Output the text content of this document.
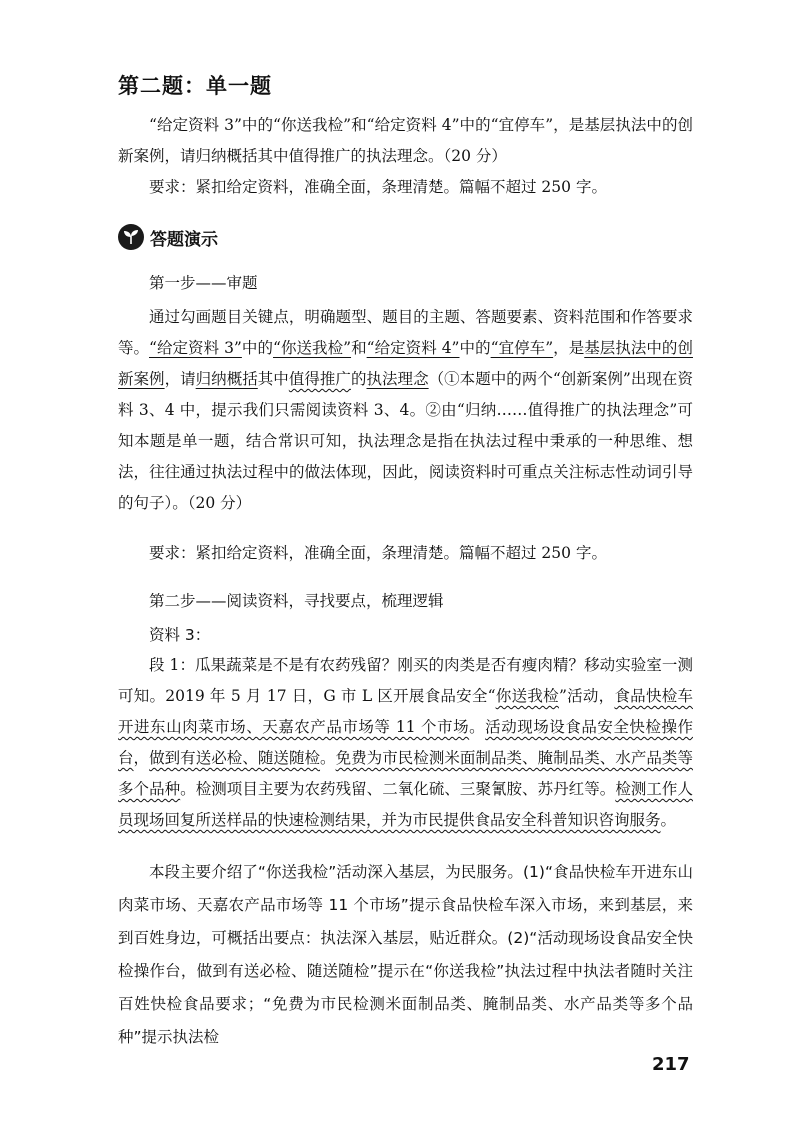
第二题：单一题

“给定资料 3”中的“你送我检”和“给定资料 4”中的“宜停车”，是基层执法中的创新案例，请归纳概括其中值得推广的执法理念。（20 分）

要求：紧扣给定资料，准确全面，条理清楚。篇幅不超过 250 字。

答题演示

第一步——审题

通过勾画题目关键点，明确题型、题目的主题、答题要素、资料范围和作答要求等。 “给定资料 3”中的“你送我检”和“给定资料 4”中的“宜停车”，是基层执法中的创新案例，请归纳概括其中值得推广的执法理念（①本题中的两个“创新案例”出现在资料 3、4 中，提示我们只需阅读资料 3、4。②由“归纳……值得推广的执法理念”可知本题是单一题，结合常识可知，执法理念是指在执法过程中秉承的一种思维、想法，往往通过执法过程中的做法体现，因此，阅读资料时可重点关注标志性动词引导的句子）。（20 分）

要求：紧扣给定资料，准确全面，条理清楚。篇幅不超过 250 字。

第二步——阅读资料，寻找要点，梳理逻辑

资料 3：

段 1：瓜果蔬菜是不是有农药残留？刚买的肉类是否有瘦肉精？移动实验室一测可知。2019 年 5 月 17 日，G 市 L 区开展食品安全“你送我检”活动，食品快检车开进东山肉菜市场、天嘉农产品市场等 11 个市场。活动现场设食品安全快检操作台，做到有送必检、随送随检。免费为市民检测米面制品类、腌制品类、水产品类等多个品种。检测项目主要为农药残留、二氧化硫、三聚氰胺、苏丹红等。检测工作人员现场回复所送样品的快速检测结果，并为市民提供食品安全科普知识咨询服务。

本段主要介绍了“你送我检”活动深入基层，为民服务。(1)“食品快检车开进东山肉菜市场、天嘉农产品市场等 11 个市场”提示食品快检车深入市场，来到基层，来到百姓身边，可概括出要点：执法深入基层，贴近群众。(2)“活动现场设食品安全快检操作台，做到有送必检、随送随检”提示在“你送我检”执法过程中执法者随时关注百姓快检食品要求；“免费为市民检测米面制品类、腌制品类、水产品类等多个品种”提示执法检

217
